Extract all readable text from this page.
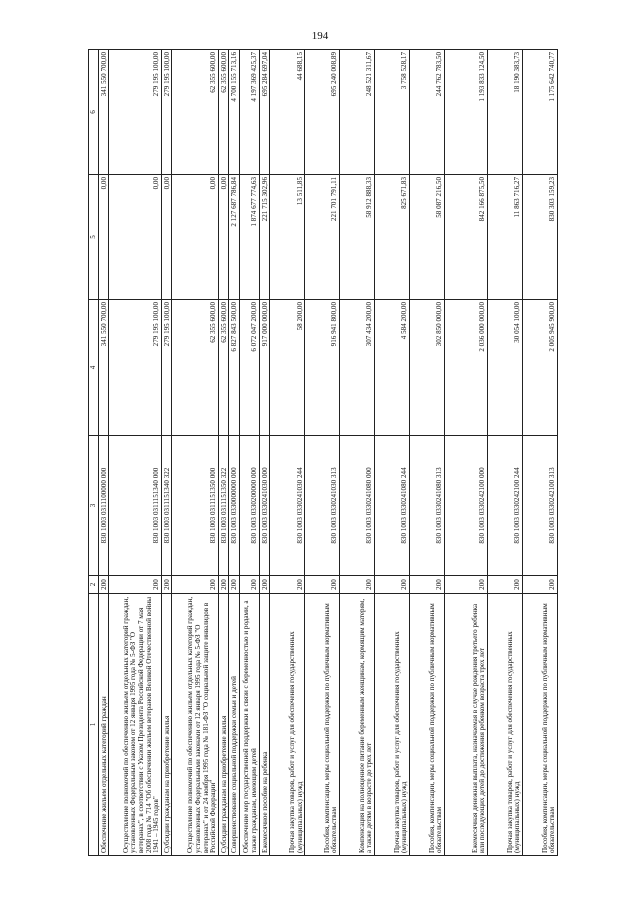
194
1	2	3	4	5	6
Обеспечение жильем отдельных категорий граждан	200	830 1003 0311100000 000	341 550 700,00	0,00	341 550 700,00
Осуществление полномочий по обеспечению жильем отдельных категорий граждан, установленных Федеральным законом от 12 января 1995 года № 5-ФЗ "О ветеранах", в соответствии с Указом Президента Российской Федерации от 7 мая 2008 года № 714 "Об обеспечении жильем ветеранов Великой Отечественной войны 1941 – 1945 годов"	200	830 1003 0311151340 000	279 195 100,00	0,00	279 195 100,00
Субсидии гражданам на приобретение жилья	200	830 1003 0311151340 322	279 195 100,00	0,00	279 195 100,00
Осуществление полномочий по обеспечению жильем отдельных категорий граждан, установленных Федеральными законами от 12 января 1995 года № 5-ФЗ "О ветеранах" и от 24 ноября 1995 года № 181-ФЗ "О социальной защите инвалидов в Российской Федерации"	200	830 1003 0311151350 000	62 355 600,00	0,00	62 355 600,00
Субсидии гражданам на приобретение жилья	200	830 1003 0311151350 322	62 355 600,00	0,00	62 355 600,00
Совершенствование социальной поддержки семьи и детей	200	830 1003 0330000000 000	6 827 843 500,00	2 127 687 786,84	4 700 155 713,16
Обеспечение мер государственной поддержки в связи с беременностью и родами, а также гражданам, имеющим детей	200	830 1003 0330200000 000	6 072 047 200,00	1 874 677 774,63	4 197 369 425,37
Ежемесячное пособие на ребенка	200	830 1003 0330241030 000	917 000 000,00	221 715 302,96	695 284 697,04
Прочая закупка товаров, работ и услуг для обеспечения государственных (муниципальных) нужд	200	830 1003 0330241030 244	58 200,00	13 511,85	44 688,15
Пособия, компенсации, меры социальной поддержки по публичным нормативным обязательствам	200	830 1003 0330241030 313	916 941 800,00	221 701 791,11	695 240 008,89
Компенсация на полноценное питание беременным женщинам, кормящим матерям, а также детям в возрасте до трех лет	200	830 1003 0330241080 000	307 434 200,00	58 912 888,33	248 521 311,67
Прочая закупка товаров, работ и услуг для обеспечения государственных (муниципальных) нужд	200	830 1003 0330241080 244	4 584 200,00	825 671,83	3 758 528,17
Пособия, компенсации, меры социальной поддержки по публичным нормативным обязательствам	200	830 1003 0330241080 313	302 850 000,00	58 087 216,50	244 762 783,50
Ежемесячная денежная выплата, назначаемая в случае рождения третьего ребенка или последующих детей до достижения ребенком возраста трех лет	200	830 1003 0330242100 000	2 036 000 000,00	842 166 875,50	1 193 833 124,50
Прочая закупка товаров, работ и услуг для обеспечения государственных (муниципальных) нужд	200	830 1003 0330242100 244	30 054 100,00	11 863 716,27	18 190 383,73
Пособия, компенсации, меры социальной поддержки по публичным нормативным обязательствам	200	830 1003 0330242100 313	2 005 945 900,00	830 303 159,23	1 175 642 740,77
